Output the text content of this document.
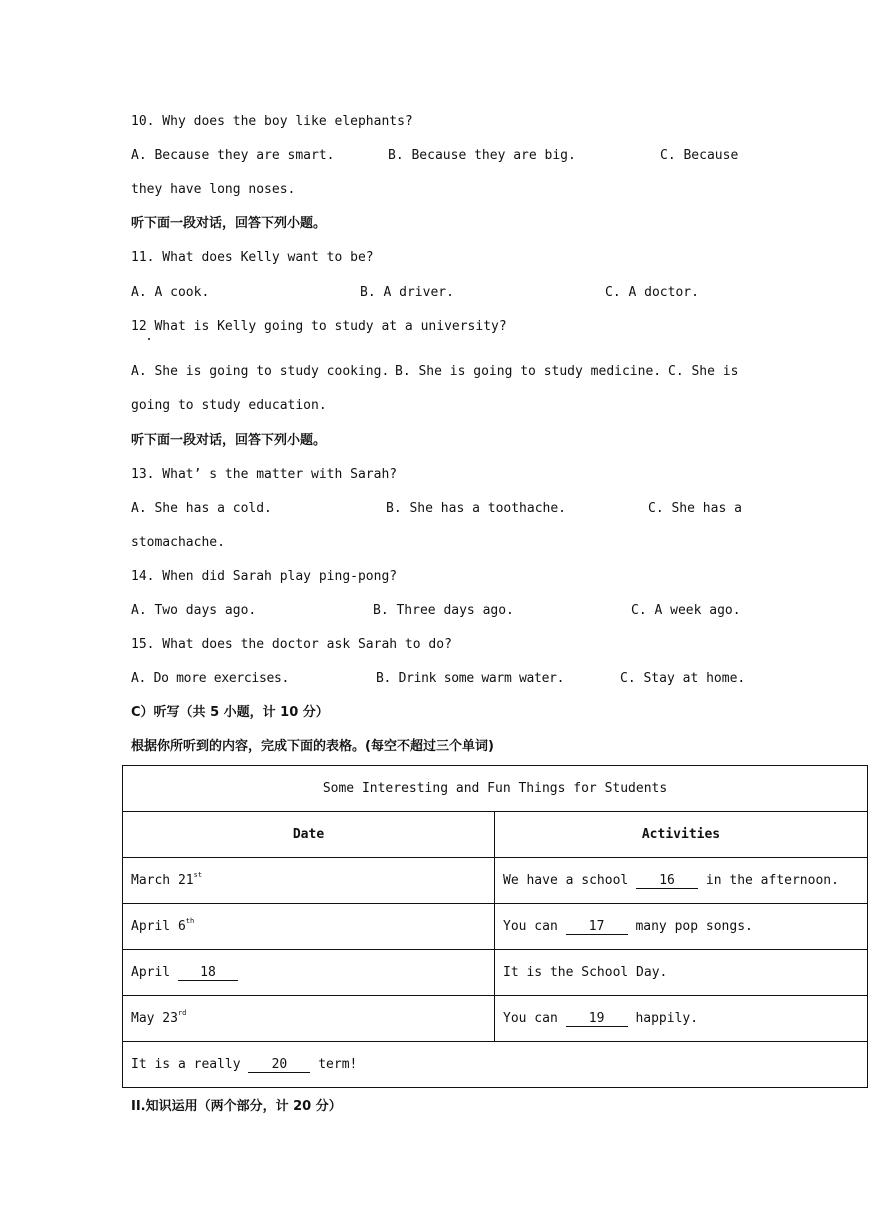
10. Why does the boy like elephants?
A. Because they are smart.	B. Because they are big.	C. Because
they have long noses.
听下面一段对话，回答下列小题。
11. What does Kelly want to be?
A. A cook.	B. A driver.	C. A doctor.
12 What is Kelly going to study at a university?
A. She is going to study cooking. B. She is going to study medicine. C. She is
going to study education.
听下面一段对话，回答下列小题。
13. What’ s the matter with Sarah?
A. She has a cold.	B. She has a toothache.	C. She has a
stomachache.
14. When did Sarah play ping-pong?
A. Two days ago.	B. Three days ago.	C. A week ago.
15. What does the doctor ask Sarah to do?
A. Do more exercises.	B. Drink some warm water.	C. Stay at home.
C）听写（共 5 小题，计 10 分）
根据你所听到的内容，完成下面的表格。(每空不超过三个单词)
Some Interesting and Fun Things for Students	
Date	Activities
March 21st	We have a school 16 in the afternoon.
April 6th	You can 17 many pop songs.
April 18	It is the School Day.
May 23rd	You can 19 happily.
It is a really 20 term!	
II.知识运用（两个部分，计 20 分）
